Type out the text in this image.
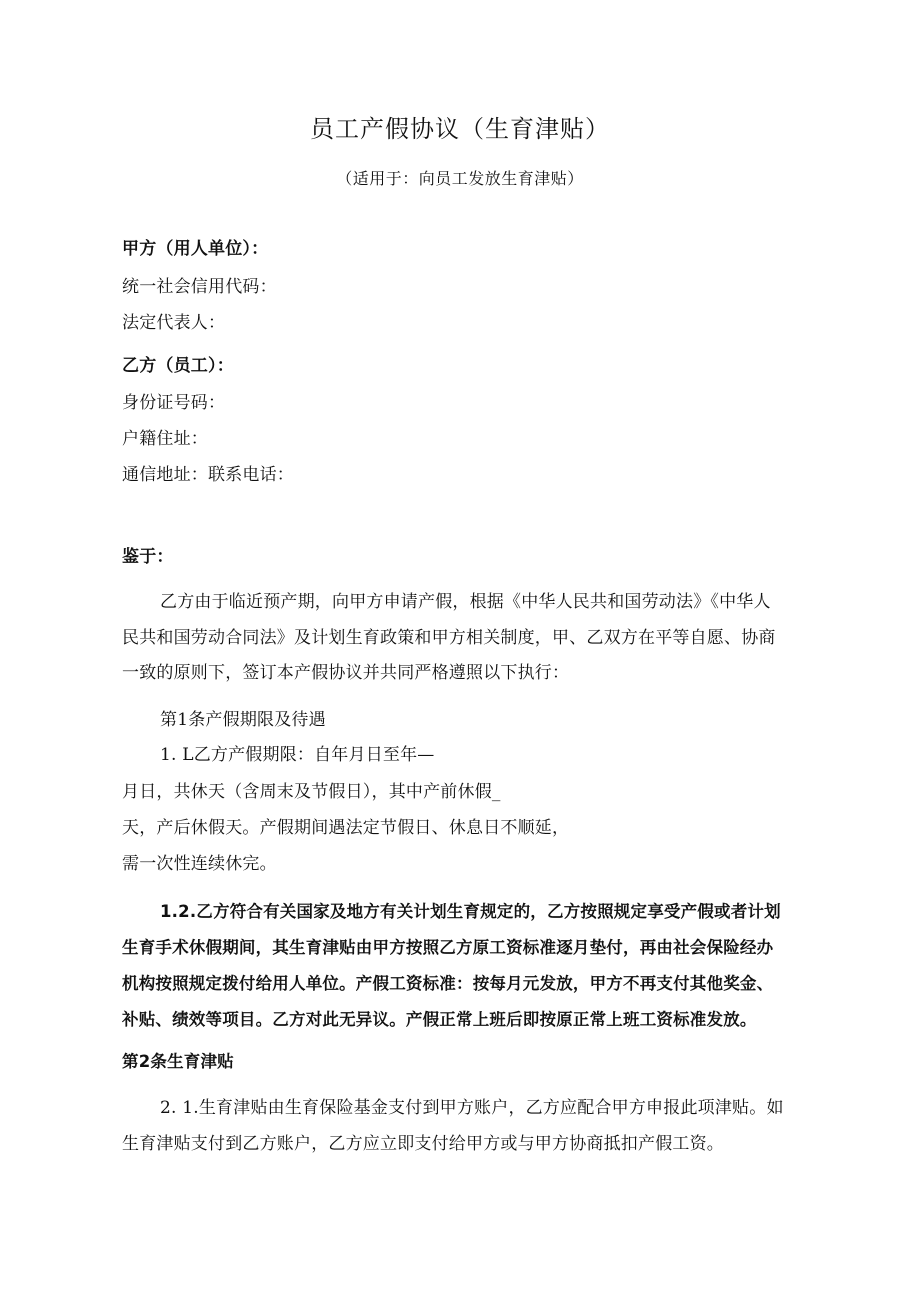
员工产假协议（生育津贴）
（适用于：向员工发放生育津贴）
甲方（用人单位）：
统一社会信用代码：
法定代表人：
乙方（员工）：
身份证号码：
户籍住址：
通信地址：联系电话：
鉴于：
乙方由于临近预产期，向甲方申请产假，根据《中华人民共和国劳动法》《中华人
民共和国劳动合同法》及计划生育政策和甲方相关制度，甲、乙双方在平等自愿、协商
一致的原则下，签订本产假协议并共同严格遵照以下执行：
第1条产假期限及待遇
1. L乙方产假期限：自年月日至年—
月日，共休天（含周末及节假日），其中产前休假_
天，产后休假天。产假期间遇法定节假日、休息日不顺延，
需一次性连续休完。
1.2.乙方符合有关国家及地方有关计划生育规定的，乙方按照规定享受产假或者计划
生育手术休假期间，其生育津贴由甲方按照乙方原工资标准逐月垫付，再由社会保险经办
机构按照规定拨付给用人单位。产假工资标准：按每月元发放，甲方不再支付其他奖金、
补贴、绩效等项目。乙方对此无异议。产假正常上班后即按原正常上班工资标准发放。
第2条生育津贴
2. 1.生育津贴由生育保险基金支付到甲方账户，乙方应配合甲方申报此项津贴。如
生育津贴支付到乙方账户，乙方应立即支付给甲方或与甲方协商抵扣产假工资。
